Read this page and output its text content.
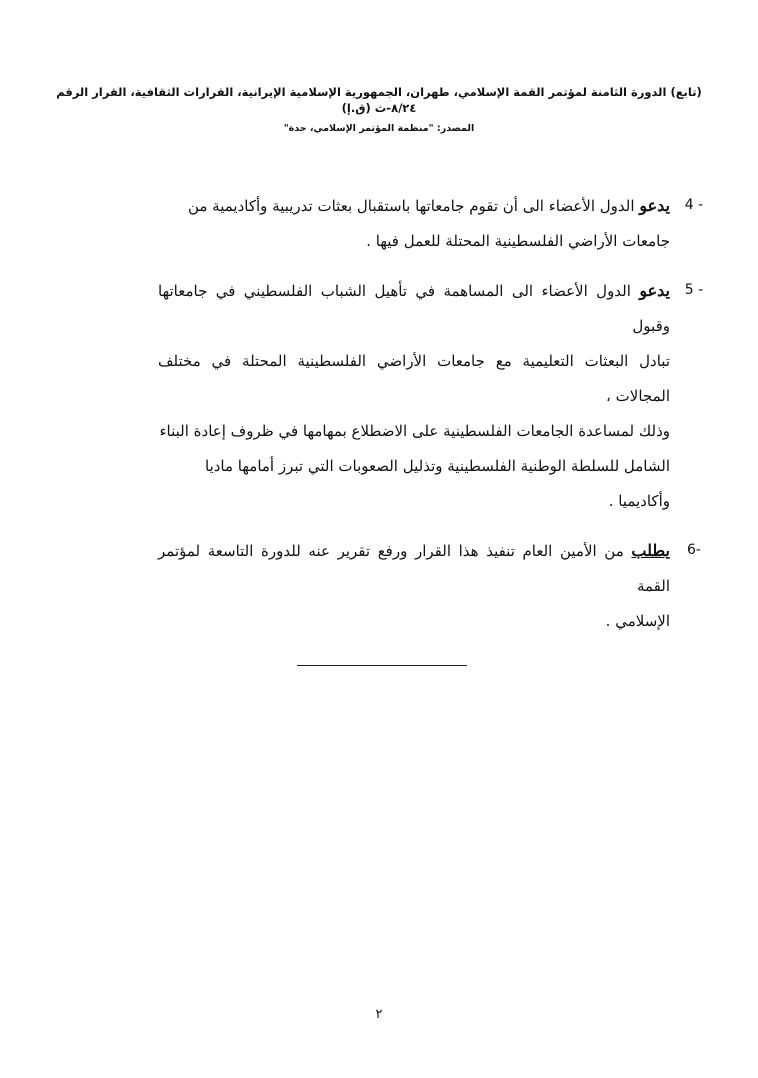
(تابع) الدورة الثامنة لمؤتمر القمة الإسلامي، طهران، الجمهورية الإسلامية الإيرانية، القرارات الثقافية، القرار الرقم ٨/٢٤-ث (ق.إ)
المصدر: "منظمة المؤتمر الإسلامي، جدة"
4 -
يدعو الدول الأعضاء الى أن تقوم جامعاتها باستقبال بعثات تدريبية وأكاديمية من
جامعات الأراضي الفلسطينية المحتلة للعمل فيها .
5 -
يدعو الدول الأعضاء الى المساهمة في تأهيل الشباب الفلسطيني في جامعاتها وقبول
تبادل البعثات التعليمية مع جامعات الأراضي الفلسطينية المحتلة في مختلف المجالات ،
وذلك لمساعدة الجامعات الفلسطينية على الاضطلاع بمهامها في ظروف إعادة البناء
الشامل للسلطة الوطنية الفلسطينية وتذليل الصعوبات التي تبرز أمامها ماديا وأكاديميا .
6-
يطلب من الأمين العام تنفيذ هذا القرار ورفع تقرير عنه للدورة التاسعة لمؤتمر القمة
الإسلامي .
٢
